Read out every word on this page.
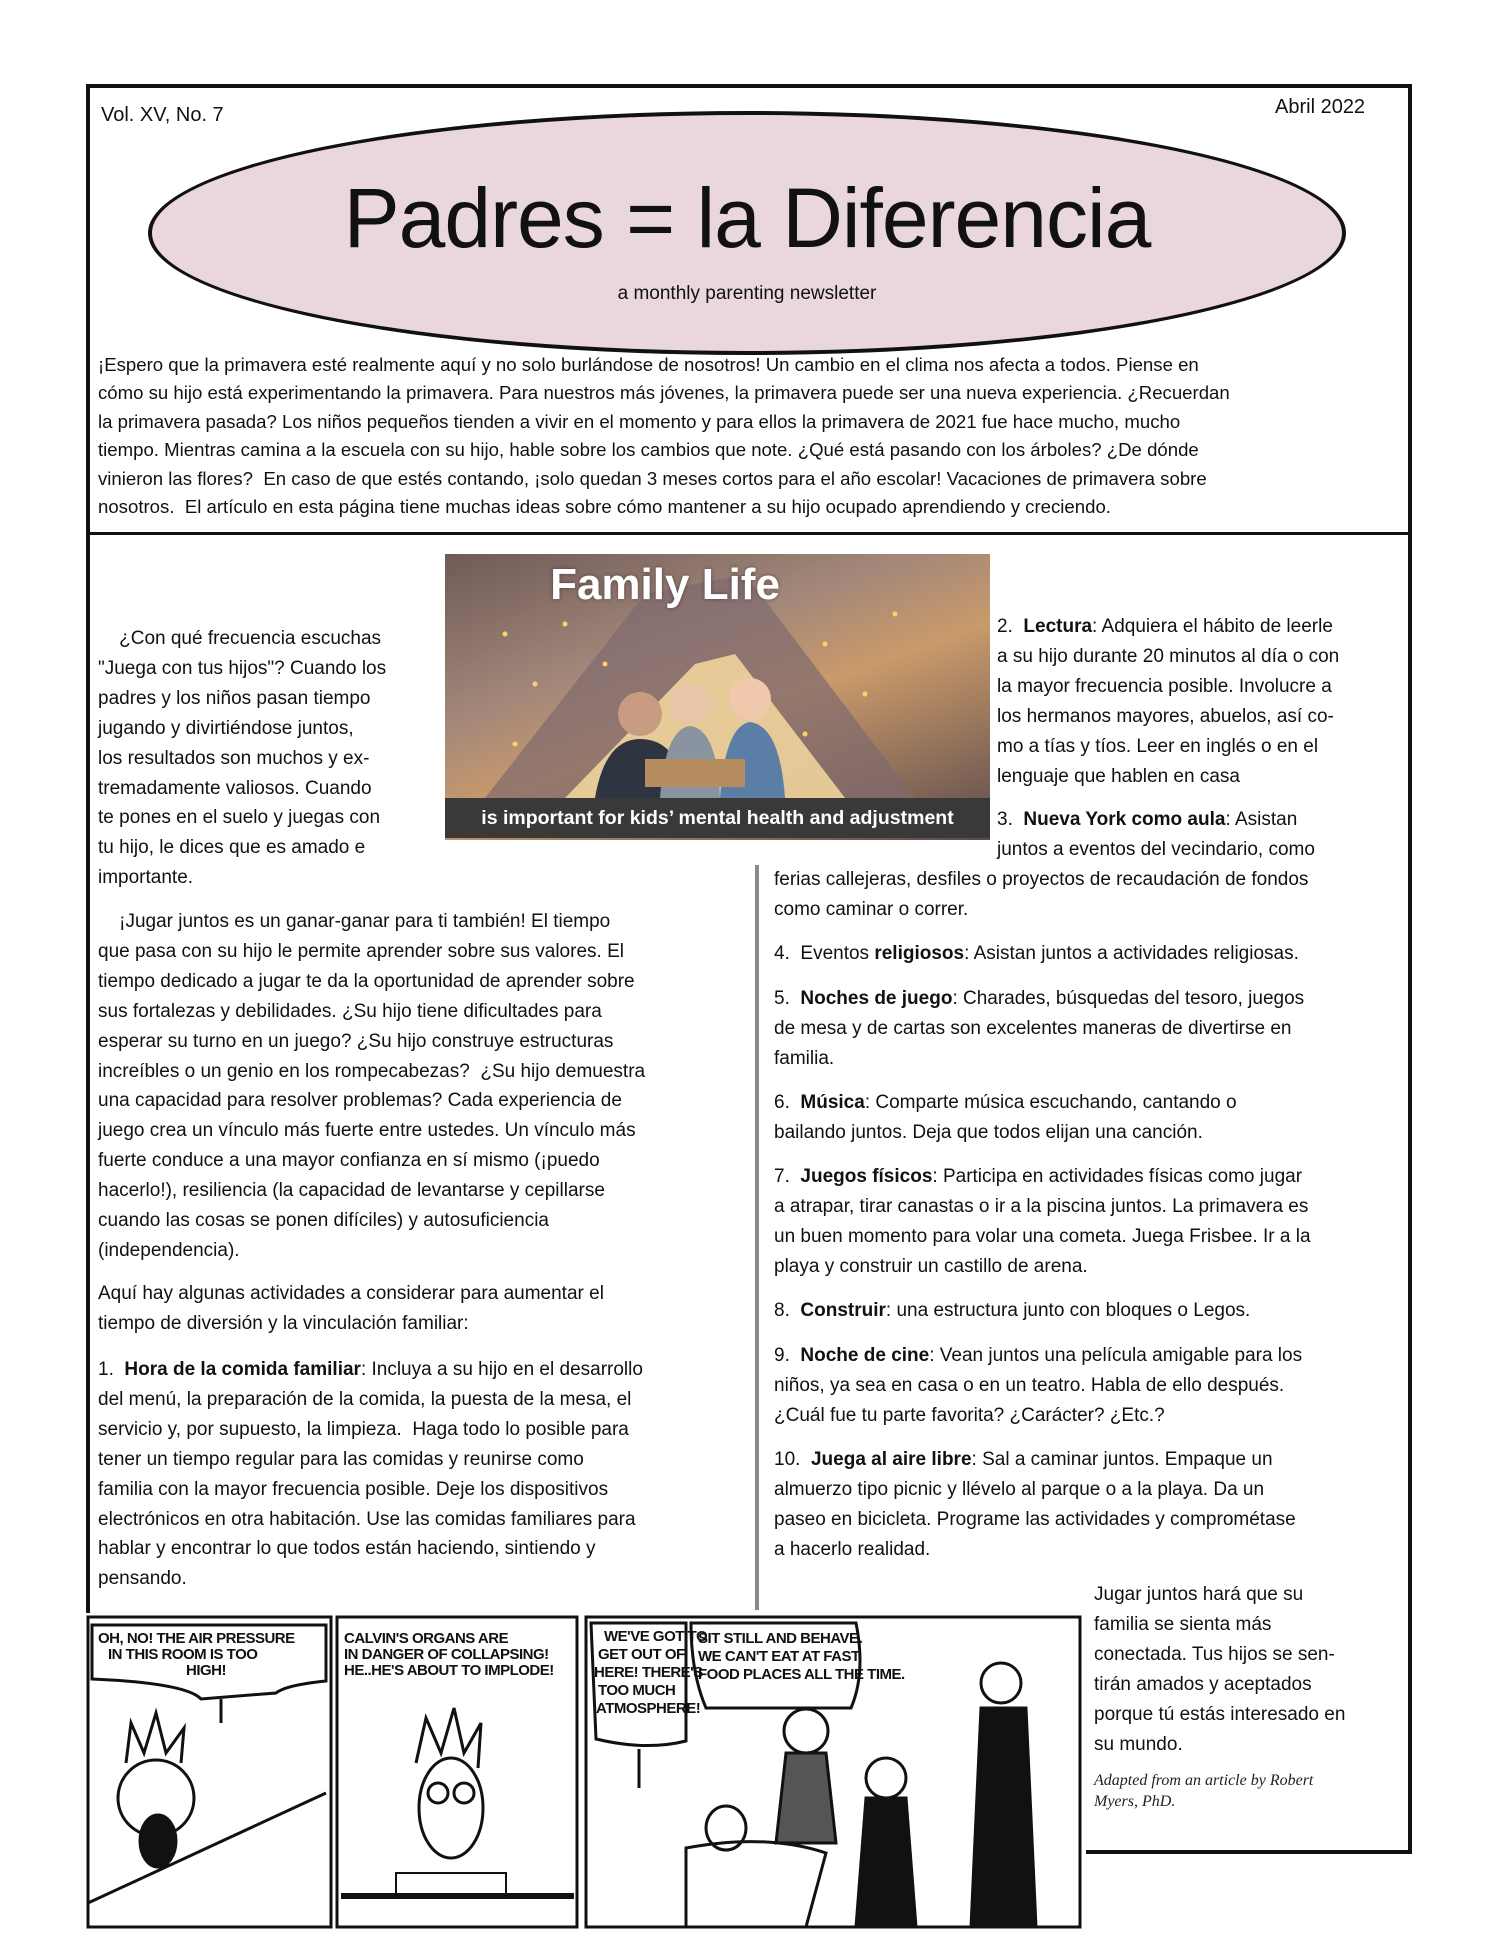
Vol. XV, No. 7	Abril 2022
Padres = la Diferencia
a monthly parenting newsletter
¡Espero que la primavera esté realmente aquí y no solo burlándose de nosotros! Un cambio en el clima nos afecta a todos. Piense en
cómo su hijo está experimentando la primavera. Para nuestros más jóvenes, la primavera puede ser una nueva experiencia. ¿Recuerdan
la primavera pasada? Los niños pequeños tienden a vivir en el momento y para ellos la primavera de 2021 fue hace mucho, mucho
tiempo. Mientras camina a la escuela con su hijo, hable sobre los cambios que note. ¿Qué está pasando con los árboles? ¿De dónde
vinieron las flores?  En caso de que estés contando, ¡solo quedan 3 meses cortos para el año escolar! Vacaciones de primavera sobre
nosotros.  El artículo en esta página tiene muchas ideas sobre cómo mantener a su hijo ocupado aprendiendo y creciendo.
Family Life
is important for kids’ mental health and adjustment
¿Con qué frecuencia escuchas
"Juega con tus hijos"? Cuando los
padres y los niños pasan tiempo
jugando y divirtiéndose juntos,
los resultados son muchos y ex-
tremadamente valiosos. Cuando
te pones en el suelo y juegas con
tu hijo, le dices que es amado e
importante.
¡Jugar juntos es un ganar-ganar para ti también! El tiempo
que pasa con su hijo le permite aprender sobre sus valores. El
tiempo dedicado a jugar te da la oportunidad de aprender sobre
sus fortalezas y debilidades. ¿Su hijo tiene dificultades para
esperar su turno en un juego? ¿Su hijo construye estructuras
increíbles o un genio en los rompecabezas?  ¿Su hijo demuestra
una capacidad para resolver problemas? Cada experiencia de
juego crea un vínculo más fuerte entre ustedes. Un vínculo más
fuerte conduce a una mayor confianza en sí mismo (¡puedo
hacerlo!), resiliencia (la capacidad de levantarse y cepillarse
cuando las cosas se ponen difíciles) y autosuficiencia
(independencia).
Aquí hay algunas actividades a considerar para aumentar el
tiempo de diversión y la vinculación familiar:
1.  Hora de la comida familiar: Incluya a su hijo en el desarrollo
del menú, la preparación de la comida, la puesta de la mesa, el
servicio y, por supuesto, la limpieza.  Haga todo lo posible para
tener un tiempo regular para las comidas y reunirse como
familia con la mayor frecuencia posible. Deje los dispositivos
electrónicos en otra habitación. Use las comidas familiares para
hablar y encontrar lo que todos están haciendo, sintiendo y
pensando.
2.  Lectura: Adquiera el hábito de leerle
a su hijo durante 20 minutos al día o con
la mayor frecuencia posible. Involucre a
los hermanos mayores, abuelos, así co-
mo a tías y tíos. Leer en inglés o en el
lenguaje que hablen en casa
3.  Nueva York como aula: Asistan
juntos a eventos del vecindario, como
ferias callejeras, desfiles o proyectos de recaudación de fondos
como caminar o correr.
4.  Eventos religiosos: Asistan juntos a actividades religiosas.
5.  Noches de juego: Charades, búsquedas del tesoro, juegos
de mesa y de cartas son excelentes maneras de divertirse en
familia.
6.  Música: Comparte música escuchando, cantando o
bailando juntos. Deja que todos elijan una canción.
7.  Juegos físicos: Participa en actividades físicas como jugar
a atrapar, tirar canastas o ir a la piscina juntos. La primavera es
un buen momento para volar una cometa. Juega Frisbee. Ir a la
playa y construir un castillo de arena.
8.  Construir: una estructura junto con bloques o Legos.
9.  Noche de cine: Vean juntos una película amigable para los
niños, ya sea en casa o en un teatro. Habla de ello después.
¿Cuál fue tu parte favorita? ¿Carácter? ¿Etc.?
10.  Juega al aire libre: Sal a caminar juntos. Empaque un
almuerzo tipo picnic y llévelo al parque o a la playa. Da un
paseo en bicicleta. Programe las actividades y comprométase
a hacerlo realidad.
Jugar juntos hará que su
familia se sienta más
conectada. Tus hijos se sen-
tirán amados y aceptados
porque tú estás interesado en
su mundo.
Adapted from an article by Robert
Myers, PhD.
OH, NO! THE AIR PRESSURE
IN THIS ROOM IS TOO
HIGH!
CALVIN'S ORGANS ARE
IN DANGER OF COLLAPSING!
HE..HE'S ABOUT TO IMPLODE!
WE'VE GOT TO
GET OUT OF
HERE! THERE'S
TOO MUCH
ATMOSPHERE!
SIT STILL AND BEHAVE.
WE CAN'T EAT AT FAST
FOOD PLACES ALL THE TIME.
